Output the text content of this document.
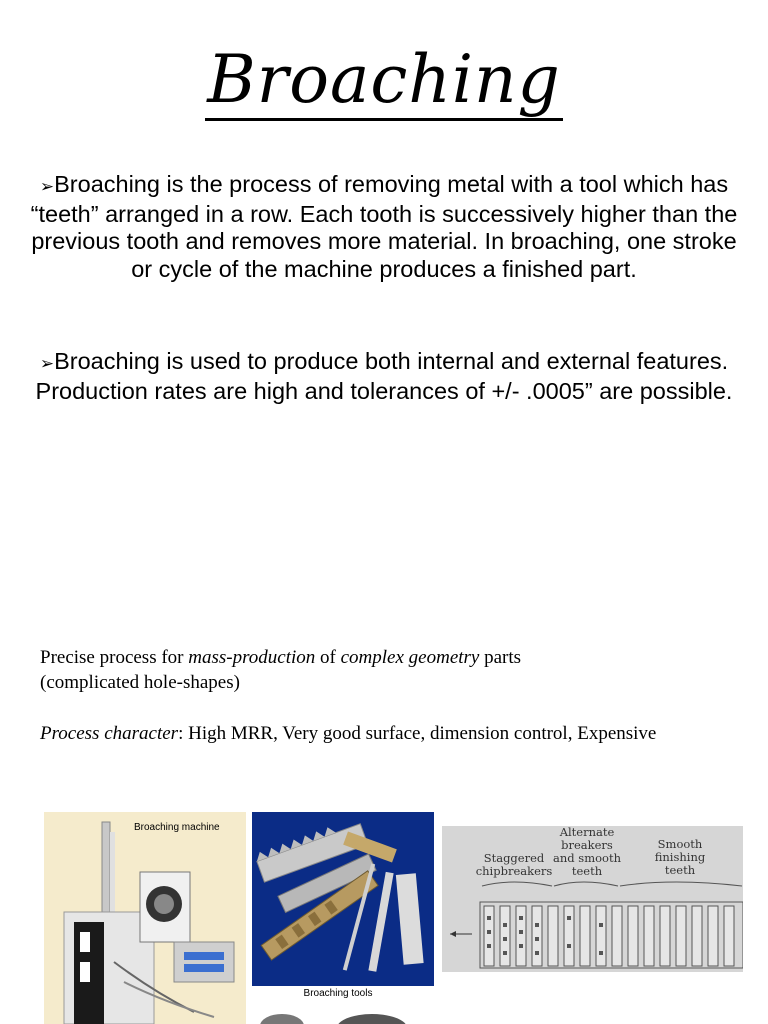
Broaching
➢Broaching is the process of removing metal with a tool which has “teeth” arranged in a row. Each tooth is successively higher than the previous tooth and removes more material. In broaching, one stroke or cycle of the machine produces a finished part.
➢Broaching is used to produce both internal and external features. Production rates are high and tolerances of +/- .0005” are possible.
Precise process for mass-production of complex geometry parts
(complicated hole-shapes)
Process character: High MRR, Very good surface, dimension control, Expensive
Broaching machine
Broaching tools
Staggered
chipbreakers
Alternate
breakers
and smooth
teeth
Smooth
finishing
teeth
